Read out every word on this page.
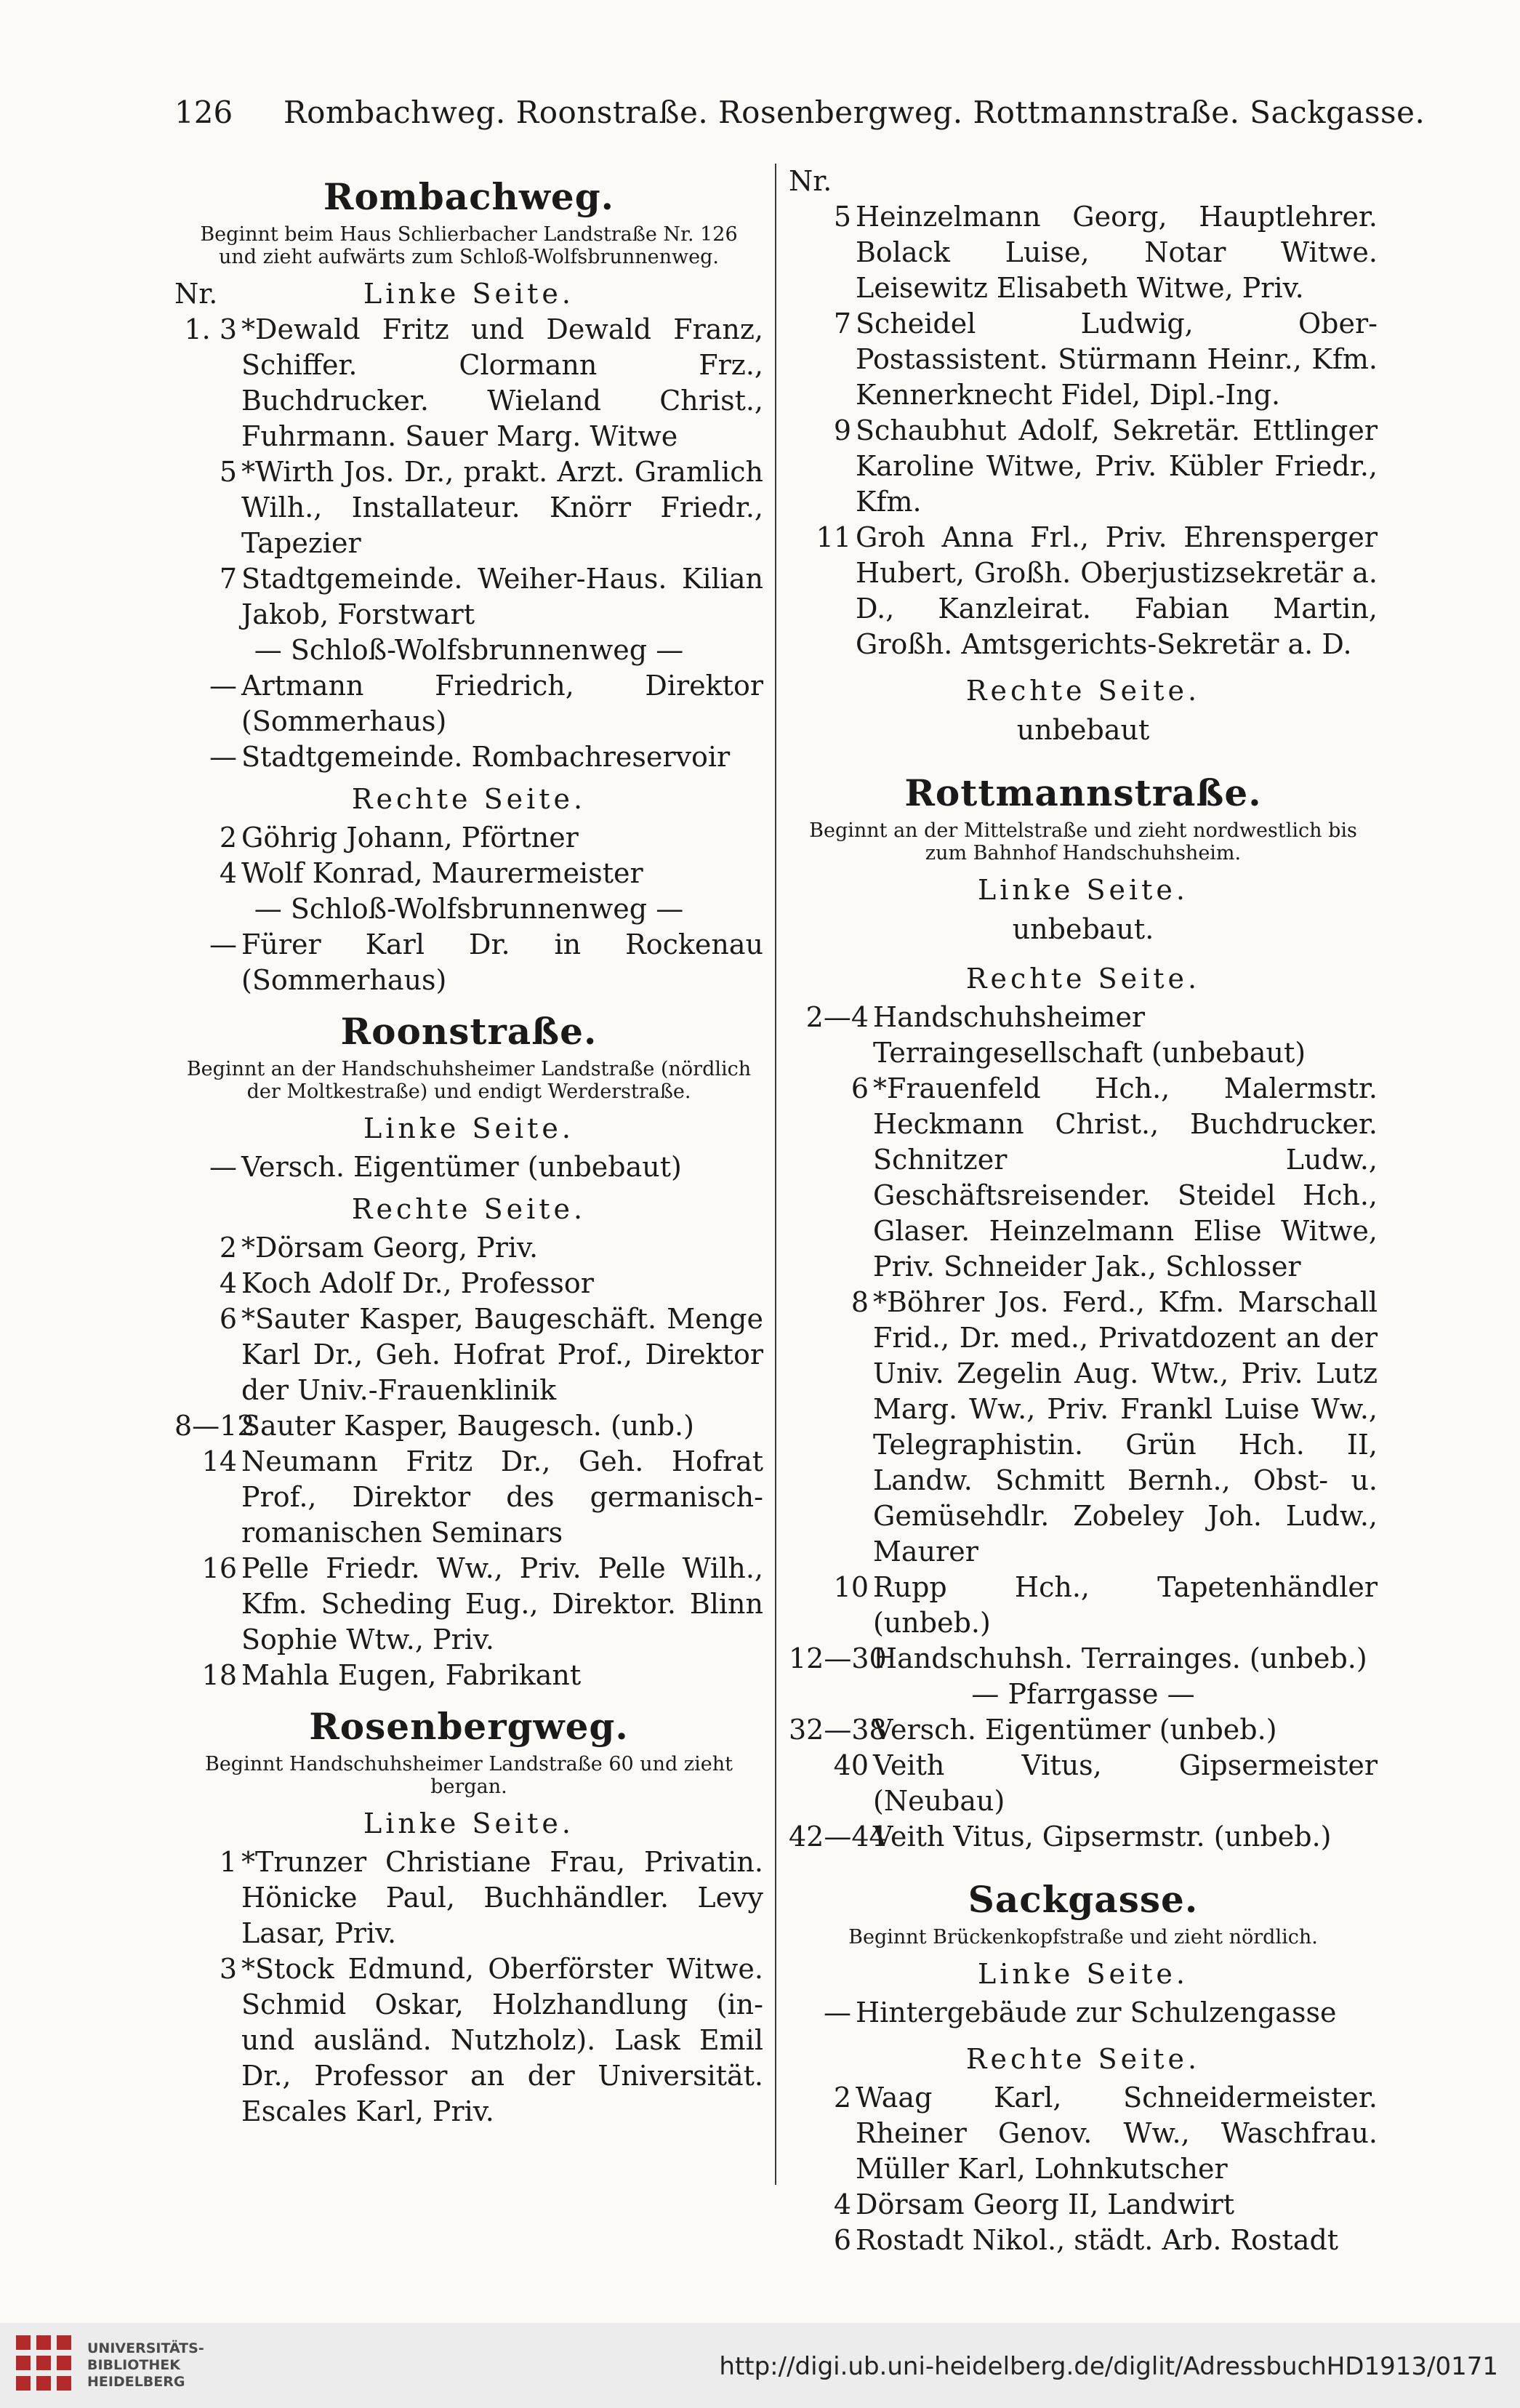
126 Rombachweg. Roonstraße. Rosenbergweg. Rottmannstraße. Sackgasse.
Rombachweg.
Beginnt beim Haus Schlierbacher Landstraße Nr. 126 und zieht aufwärts zum Schloß-Wolfsbrunnenweg.
Nr.	Linke Seite.
1. 3 *Dewald Fritz und Dewald Franz, Schiffer. Clormann Frz., Buchdrucker. Wieland Christ., Fuhrmann. Sauer Marg. Witwe
5 *Wirth Jos. Dr., prakt. Arzt. Gramlich Wilh., Installateur. Knörr Friedr., Tapezier
7 Stadtgemeinde. Weiher-Haus. Kilian Jakob, Forstwart
— Schloß-Wolfsbrunnenweg —
— Artmann Friedrich, Direktor (Sommerhaus)
— Stadtgemeinde. Rombachreservoir
Rechte Seite.
2 Göhrig Johann, Pförtner
4 Wolf Konrad, Maurermeister
— Schloß-Wolfsbrunnenweg —
— Fürer Karl Dr. in Rockenau (Sommerhaus)
Roonstraße.
Beginnt an der Handschuhsheimer Landstraße (nördlich der Moltkestraße) und endigt Werderstraße.
Linke Seite.
— Versch. Eigentümer (unbebaut)
Rechte Seite.
2 *Dörsam Georg, Priv.
4 Koch Adolf Dr., Professor
6 *Sauter Kasper, Baugeschäft. Menge Karl Dr., Geh. Hofrat Prof., Direktor der Univ.-Frauenklinik
8—12
Sauter Kasper, Baugesch. (unb.)
14 Neumann Fritz Dr., Geh. Hofrat Prof., Direktor des germanisch-romanischen Seminars
16 Pelle Friedr. Ww., Priv. Pelle Wilh., Kfm. Scheding Eug., Direktor. Blinn Sophie Wtw., Priv.
18 Mahla Eugen, Fabrikant
Rosenbergweg.
Beginnt Handschuhsheimer Landstraße 60 und zieht bergan.
Linke Seite.
1 *Trunzer Christiane Frau, Privatin. Hönicke Paul, Buchhändler. Levy Lasar, Priv.
3 *Stock Edmund, Oberförster Witwe. Schmid Oskar, Holzhandlung (in- und ausländ. Nutzholz). Lask Emil Dr., Professor an der Universität. Escales Karl, Priv.
Nr.
5 Heinzelmann Georg, Hauptlehrer. Bolack Luise, Notar Witwe. Leisewitz Elisabeth Witwe, Priv.
7 Scheidel Ludwig, Ober-Postassistent. Stürmann Heinr., Kfm. Kennerknecht Fidel, Dipl.-Ing.
9 Schaubhut Adolf, Sekretär. Ettlinger Karoline Witwe, Priv. Kübler Friedr., Kfm.
11 Groh Anna Frl., Priv. Ehrensperger Hubert, Großh. Oberjustizsekretär a. D., Kanzleirat. Fabian Martin, Großh. Amtsgerichts-Sekretär a. D.
Rechte Seite.
unbebaut
Rottmannstraße.
Beginnt an der Mittelstraße und zieht nordwestlich bis zum Bahnhof Handschuhsheim.
Linke Seite.
unbebaut.
Rechte Seite.
2—4 Handschuhsheimer Terraingesellschaft (unbebaut)
6 *Frauenfeld Hch., Malermstr. Heckmann Christ., Buchdrucker. Schnitzer Ludw., Geschäftsreisender. Steidel Hch., Glaser. Heinzelmann Elise Witwe, Priv. Schneider Jak., Schlosser
8 *Böhrer Jos. Ferd., Kfm. Marschall Frid., Dr. med., Privatdozent an der Univ. Zegelin Aug. Wtw., Priv. Lutz Marg. Ww., Priv. Frankl Luise Ww., Telegraphistin. Grün Hch. II, Landw. Schmitt Bernh., Obst- u. Gemüsehdlr. Zobeley Joh. Ludw., Maurer
10 Rupp Hch., Tapetenhändler (unbeb.)
12—30
Handschuhsh. Terrainges. (unbeb.)
— Pfarrgasse —
32—38
Versch. Eigentümer (unbeb.)
40 Veith Vitus, Gipsermeister (Neubau)
42—44
Veith Vitus, Gipsermstr. (unbeb.)
Sackgasse.
Beginnt Brückenkopfstraße und zieht nördlich.
Linke Seite.
— Hintergebäude zur Schulzengasse
Rechte Seite.
2 Waag Karl, Schneidermeister. Rheiner Genov. Ww., Waschfrau. Müller Karl, Lohnkutscher
4 Dörsam Georg II, Landwirt
6 Rostadt Nikol., städt. Arb. Rostadt
UNIVERSITÄTS-
BIBLIOTHEK
HEIDELBERG
http://digi.ub.uni-heidelberg.de/diglit/AdressbuchHD1913/0171
